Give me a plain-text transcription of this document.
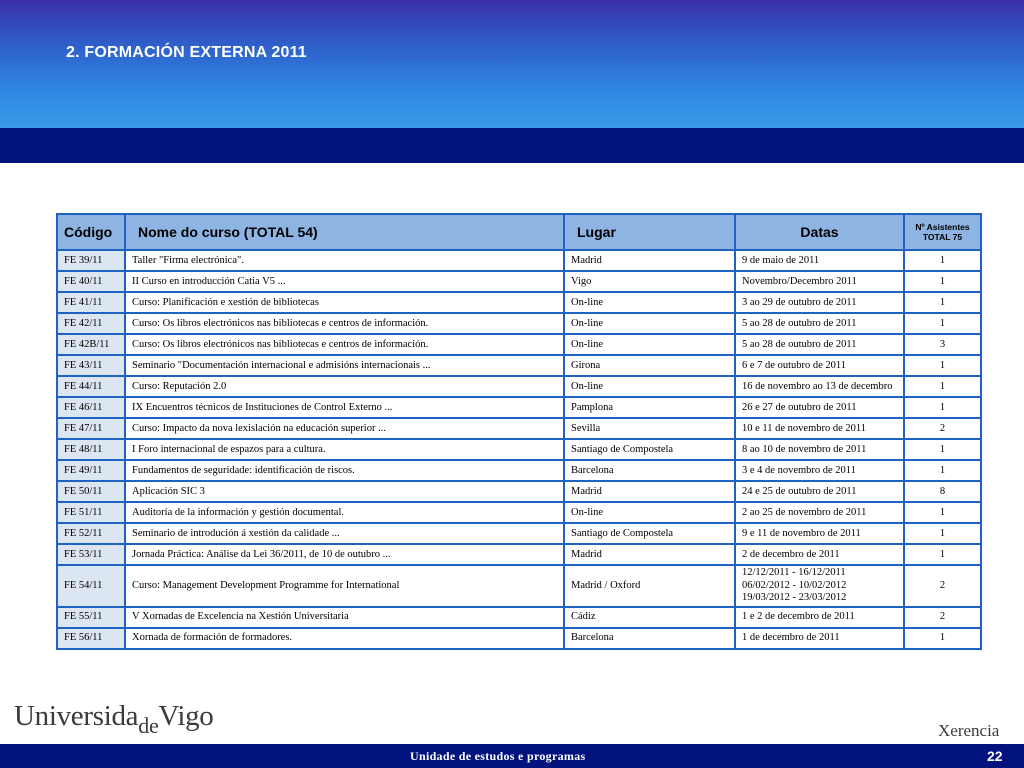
2. FORMACIÓN EXTERNA 2011
Código	Nome do curso (TOTAL 54)	Lugar	Datas	Nº Asistentes
TOTAL 75

FE 39/11	Taller "Firma electrónica".	Madrid	9 de maio de 2011	1
FE 40/11	II Curso en introducción Catia V5 ...	Vigo	Novembro/Decembro 2011	1
FE 41/11	Curso: Planificación e xestión de bibliotecas	On-line	3 ao 29 de outubro de 2011	1
FE 42/11	Curso: Os libros electrónicos nas bibliotecas e centros de información.	On-line	5 ao 28 de outubro de 2011	1
FE 42B/11	Curso: Os libros electrónicos nas bibliotecas e centros de información.	On-line	5 ao 28 de outubro de 2011	3
FE 43/11	Seminario "Documentación internacional e admisións internacionais ...	Girona	6 e 7 de outubro de 2011	1
FE 44/11	Curso: Reputación 2.0	On-line	16 de novembro ao 13 de decembro	1
FE 46/11	IX Encuentros técnicos de Instituciones de Control Externo ...	Pamplona	26 e 27 de outubro de 2011	1
FE 47/11	Curso: Impacto da nova lexislación na educación superior ...	Sevilla	10 e 11 de novembro de 2011	2
FE 48/11	I Foro internacional de espazos para a cultura.	Santiago de Compostela	8 ao 10 de novembro de 2011	1
FE 49/11	Fundamentos de seguridade: identificación de riscos.	Barcelona	3 e 4 de novembro de 2011	1
FE 50/11	Aplicación SIC 3	Madrid	24 e 25 de outubro de 2011	8
FE 51/11	Auditoría de la información y gestión documental.	On-line	2 ao 25 de novembro de 2011	1
FE 52/11	Seminario de introdución á xestión da calidade ...	Santiago de Compostela	9 e 11 de novembro de 2011	1
FE 53/11	Jornada Práctica: Análise da Lei 36/2011, de 10 de outubro ...	Madrid	2 de decembro de 2011	1
FE 54/11	Curso: Management Development Programme for International	Madrid / Oxford	12/12/2011 - 16/12/2011
06/02/2012 - 10/02/2012
19/03/2012 - 23/03/2012	2
FE 55/11	V Xornadas de Excelencia na Xestión Universitaria	Cádiz	1 e 2 de decembro de 2011	2
FE 56/11	Xornada de formación de formadores.	Barcelona	1 de decembro de 2011	1
Universida$_{de}$Vigo	Xerencia
Unidade de estudos e programas	22
